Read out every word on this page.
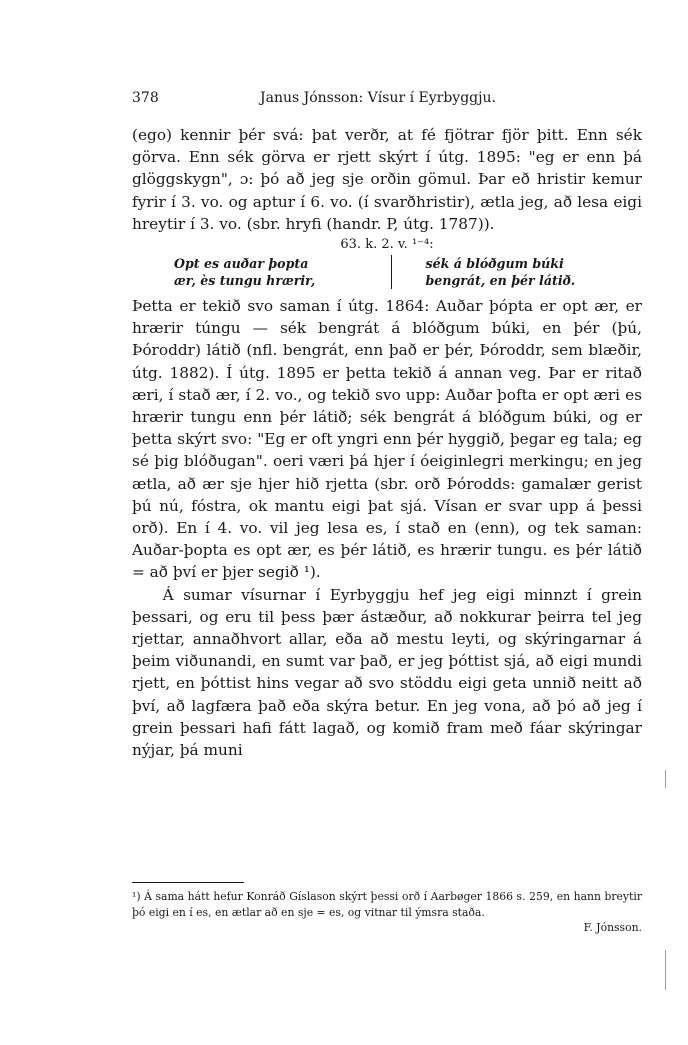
378	Janus Jónsson: Vísur í Eyrbyggju.

(ego) kennir þér svá: þat verðr, at fé fjötrar fjör þitt. Enn sék görva. Enn sék görva er rjett skýrt í útg. 1895: "eg er enn þá glöggskygn", ɔ: þó að jeg sje orðin gömul. Þar eð hristir kemur fyrir í 3. vo. og aptur í 6. vo. (í svarðhristir), ætla jeg, að lesa eigi hreytir í 3. vo. (sbr. hryfi (handr. P, útg. 1787)).

63. k. 2. v. ¹⁻⁴:
Opt es auðar þopta
ær, ès tungu hrærir,
sék á blóðgum búki
bengrát, en þér látið.

Þetta er tekið svo saman í útg. 1864: Auðar þópta er opt ær, er hrærir túngu — sék bengrát á blóðgum búki, en þér (þú, Þóroddr) látið (nfl. bengrát, enn það er þér, Þóroddr, sem blæðir, útg. 1882). Í útg. 1895 er þetta tekið á annan veg. Þar er ritað æri, í stað ær, í 2. vo., og tekið svo upp: Auðar þofta er opt æri es hrærir tungu enn þér látið; sék bengrát á blóðgum búki, og er þetta skýrt svo: "Eg er oft yngri enn þér hyggið, þegar eg tala; eg sé þig blóðugan". oeri væri þá hjer í óeiginlegri merkingu; en jeg ætla, að ær sje hjer hið rjetta (sbr. orð Þórodds: gamalær gerist þú nú, fóstra, ok mantu eigi þat sjá. Vísan er svar upp á þessi orð). En í 4. vo. vil jeg lesa es, í stað en (enn), og tek saman: Auðar-þopta es opt ær, es þér látið, es hrærir tungu. es þér látið = að því er þjer segið ¹).

Á sumar vísurnar í Eyrbyggju hef jeg eigi minnzt í grein þessari, og eru til þess þær ástæður, að nokkurar þeirra tel jeg rjettar, annaðhvort allar, eða að mestu leyti, og skýringarnar á þeim viðunandi, en sumt var það, er jeg þóttist sjá, að eigi mundi rjett, en þóttist hins vegar að svo stöddu eigi geta unnið neitt að því, að lagfæra það eða skýra betur. En jeg vona, að þó að jeg í grein þessari hafi fátt lagað, og komið fram með fáar skýringar nýjar, þá muni

¹) Á sama hátt hefur Konráð Gíslason skýrt þessi orð í Aarbøger 1866 s. 259, en hann breytir þó eigi en í es, en ætlar að en sje = es, og vitnar til ýmsra staða.

F. Jónsson.
